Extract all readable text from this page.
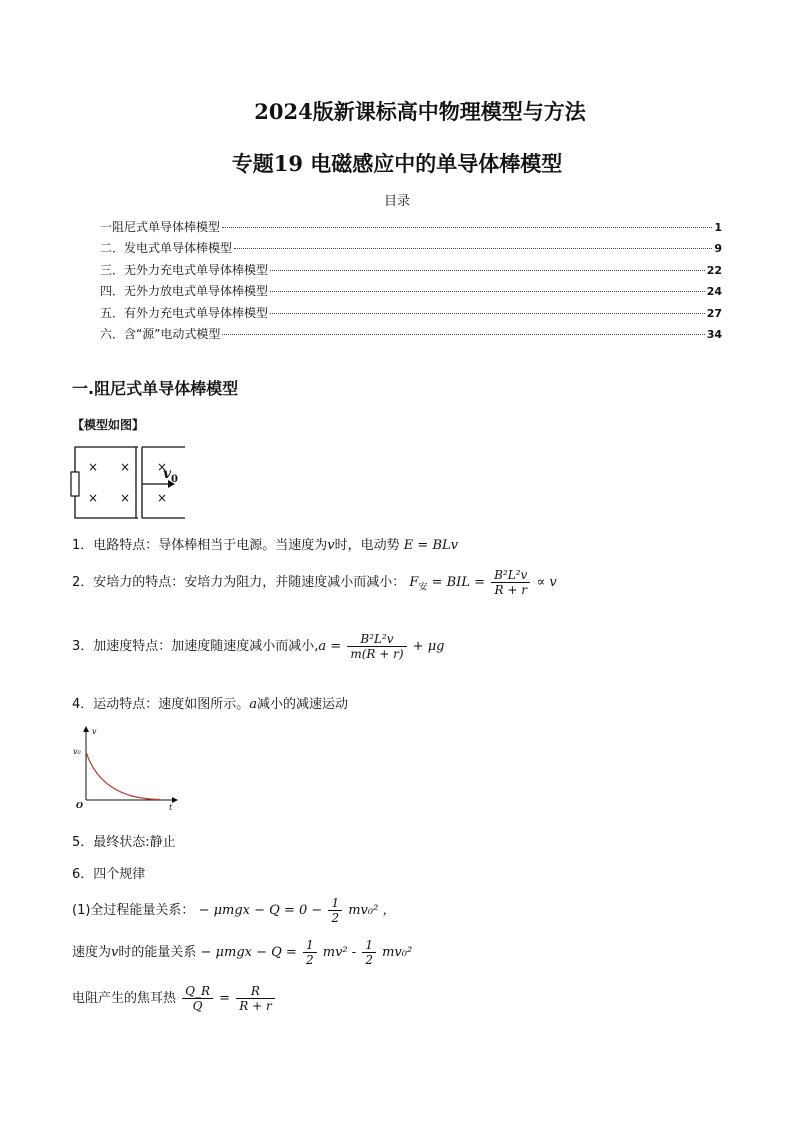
2024版新课标高中物理模型与方法
专题19 电磁感应中的单导体棒模型
目录
一阻尼式单导体棒模型	1
二．发电式单导体棒模型	9
三．无外力充电式单导体棒模型	22
四．无外力放电式单导体棒模型	24
五．有外力充电式单导体棒模型	27
六．含“源”电动式模型	34
一.阻尼式单导体棒模型
【模型如图】
× × ×
× × ×
v 0
1．电路特点：导体棒相当于电源。当速度为v时，电动势 E = BLv
2．安培力的特点：安培力为阻力，并随速度减小而减小： $F_安$ = BIL = $\frac{\text{B²L²v}}{R + r} \propto v$
3．加速度特点：加速度随速度减小而减小$,a = \frac{\text{B²L²v}}{m(R + r)} + \mu g$
4．运动特点：速度如图所示。a减小的减速运动
v
t
O
v₀
5．最终状态:静止
6．四个规律
(1)全过程能量关系： − $\mu mgx - Q = 0 - \frac{1}{2} mv_0^2$ ，
速度为v时的能量关系 − $\mu mgx - Q = \frac{1}{2} mv^2 - \frac{1}{2} mv_0^2$
电阻产生的焦耳热 $\frac{Q\_R}{Q} = \frac{R}{R + r}$
